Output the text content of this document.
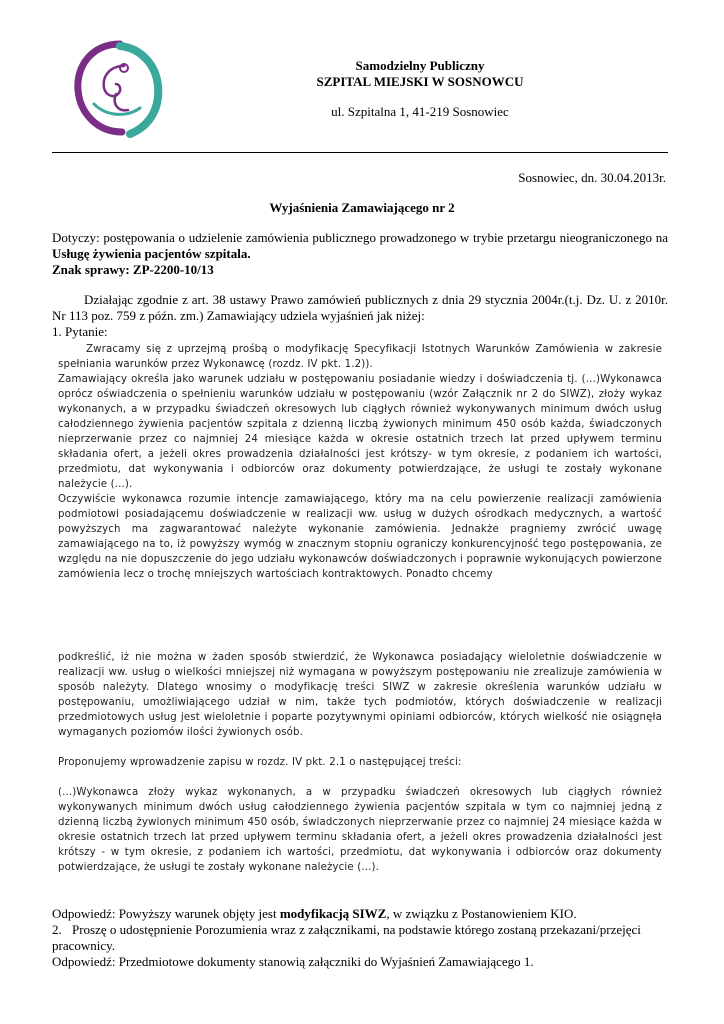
Samodzielny Publiczny
SZPITAL MIEJSKI W SOSNOWCU
ul. Szpitalna 1, 41-219 Sosnowiec
Sosnowiec, dn. 30.04.2013r.
Wyjaśnienia Zamawiającego nr 2
Dotyczy: postępowania o udzielenie zamówienia publicznego prowadzonego w trybie przetargu nieograniczonego na Usługę żywienia pacjentów szpitala.
Znak sprawy: ZP-2200-10/13
Działając zgodnie z art. 38 ustawy Prawo zamówień publicznych z dnia 29 stycznia 2004r.(t.j. Dz. U. z 2010r. Nr 113 poz. 759 z późn. zm.) Zamawiający udziela wyjaśnień jak niżej:
1. Pytanie:

Zwracamy się z uprzejmą prośbą o modyfikację Specyfikacji Istotnych Warunków Zamówienia w zakresie spełniania warunków przez Wykonawcę (rozdz. IV pkt. 1.2)).

Zamawiający określa jako warunek udziału w postępowaniu posiadanie wiedzy i doświadczenia tj. (...)Wykonawca oprócz oświadczenia o spełnieniu warunków udziału w postępowaniu (wzór Załącznik nr 2 do SIWZ), złoży wykaz wykonanych, a w przypadku świadczeń okresowych lub ciągłych również wykonywanych minimum dwóch usług całodziennego żywienia pacjentów szpitala z dzienną liczbą żywionych minimum 450 osób każda, świadczonych nieprzerwanie przez co najmniej 24 miesiące każda w okresie ostatnich trzech lat przed upływem terminu składania ofert, a jeżeli okres prowadzenia działalności jest krótszy- w tym okresie, z podaniem ich wartości, przedmiotu, dat wykonywania i odbiorców oraz dokumenty potwierdzające, że usługi te zostały wykonane należycie (...).

Oczywiście wykonawca rozumie intencje zamawiającego, który ma na celu powierzenie realizacji zamówienia podmiotowi posiadającemu doświadczenie w realizacji ww. usług w dużych ośrodkach medycznych, a wartość powyższych ma zagwarantować należyte wykonanie zamówienia. Jednakże pragniemy zwrócić uwagę zamawiającego na to, iż powyższy wymóg w znacznym stopniu ograniczy konkurencyjność tego postępowania, ze względu na nie dopuszczenie do jego udziału wykonawców doświadczonych i poprawnie wykonujących powierzone zamówienia lecz o trochę mniejszych wartościach kontraktowych. Ponadto chcemy

podkreślić, iż nie można w żaden sposób stwierdzić, że Wykonawca posiadający wieloletnie doświadczenie w realizacji ww. usług o wielkości mniejszej niż wymagana w powyższym postępowaniu nie zrealizuje zamówienia w sposób należyty. Dlatego wnosimy o modyfikację treści SIWZ w zakresie określenia warunków udziału w postępowaniu, umożliwiającego udział w nim, także tych podmiotów, których doświadczenie w realizacji przedmiotowych usług jest wieloletnie i poparte pozytywnymi opiniami odbiorców, których wielkość nie osiągnęła wymaganych poziomów ilości żywionych osób.

Proponujemy wprowadzenie zapisu w rozdz. IV pkt. 2.1 o następującej treści:

(...)Wykonawca złoży wykaz wykonanych, a w przypadku świadczeń okresowych lub ciągłych również wykonywanych minimum dwóch usług całodziennego żywienia pacjentów szpitala w tym co najmniej jedną z dzienną liczbą żywionych minimum 450 osób, świadczonych nieprzerwanie przez co najmniej 24 miesiące każda w okresie ostatnich trzech lat przed upływem terminu składania ofert, a jeżeli okres prowadzenia działalności jest krótszy - w tym okresie, z podaniem ich wartości, przedmiotu, dat wykonywania i odbiorców oraz dokumenty potwierdzające, że usługi te zostały wykonane należycie (...).

Odpowiedź: Powyższy warunek objęty jest modyfikacją SIWZ, w związku z Postanowieniem KIO.
2. Proszę o udostępnienie Porozumienia wraz z załącznikami, na podstawie którego zostaną przekazani/przejęci pracownicy.
Odpowiedź: Przedmiotowe dokumenty stanowią załączniki do Wyjaśnień Zamawiającego 1.
